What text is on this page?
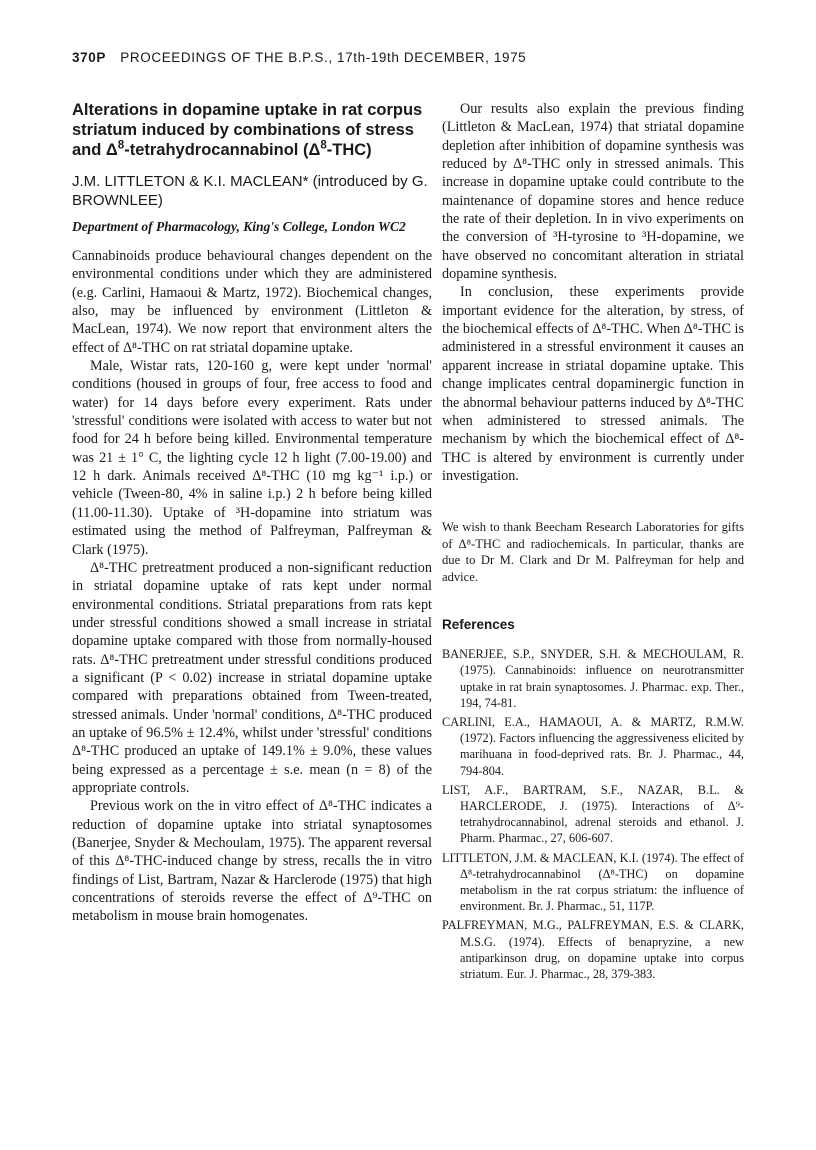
370P PROCEEDINGS OF THE B.P.S., 17th-19th DECEMBER, 1975
Alterations in dopamine uptake in rat corpus striatum induced by combinations of stress and $\Delta^8$-tetrahydrocannabinol $(\Delta^8-THC)$

J.M. LITTLETON & K.I. MACLEAN* (introduced by G. BROWNLEE)

Department of Pharmacology, King's College, London WC2

Cannabinoids produce behavioural changes dependent on the environmental conditions under which they are administered (e.g. Carlini, Hamaoui & Martz, 1972). Biochemical changes, also, may be influenced by environment (Littleton & MacLean, 1974). We now report that environment alters the effect of Δ⁸-THC on rat striatal dopamine uptake.

Male, Wistar rats, 120-160 g, were kept under 'normal' conditions (housed in groups of four, free access to food and water) for 14 days before every experiment. Rats under 'stressful' conditions were isolated with access to water but not food for 24 h before being killed. Environmental temperature was 21 ± 1° C, the lighting cycle 12 h light (7.00-19.00) and 12 h dark. Animals received Δ⁸-THC (10 mg kg⁻¹ i.p.) or vehicle (Tween-80, 4% in saline i.p.) 2 h before being killed (11.00-11.30). Uptake of ³H-dopamine into striatum was estimated using the method of Palfreyman, Palfreyman & Clark (1975).

Δ⁸-THC pretreatment produced a non-significant reduction in striatal dopamine uptake of rats kept under normal environmental conditions. Striatal preparations from rats kept under stressful conditions showed a small increase in striatal dopamine uptake compared with those from normally-housed rats. Δ⁸-THC pretreatment under stressful conditions produced a significant (P < 0.02) increase in striatal dopamine uptake compared with preparations obtained from Tween-treated, stressed animals. Under 'normal' conditions, Δ⁸-THC produced an uptake of 96.5% ± 12.4%, whilst under 'stressful' conditions Δ⁸-THC produced an uptake of 149.1% ± 9.0%, these values being expressed as a percentage ± s.e. mean (n = 8) of the appropriate controls.

Previous work on the in vitro effect of Δ⁸-THC indicates a reduction of dopamine uptake into striatal synaptosomes (Banerjee, Snyder & Mechoulam, 1975). The apparent reversal of this Δ⁸-THC-induced change by stress, recalls the in vitro findings of List, Bartram, Nazar & Harclerode (1975) that high concentrations of steroids reverse the effect of Δ⁹-THC on metabolism in mouse brain homogenates.

Our results also explain the previous finding (Littleton & MacLean, 1974) that striatal dopamine depletion after inhibition of dopamine synthesis was reduced by Δ⁸-THC only in stressed animals. This increase in dopamine uptake could contribute to the maintenance of dopamine stores and hence reduce the rate of their depletion. In in vivo experiments on the conversion of ³H-tyrosine to ³H-dopamine, we have observed no concomitant alteration in striatal dopamine synthesis.

In conclusion, these experiments provide important evidence for the alteration, by stress, of the biochemical effects of Δ⁸-THC. When Δ⁸-THC is administered in a stressful environment it causes an apparent increase in striatal dopamine uptake. This change implicates central dopaminergic function in the abnormal behaviour patterns induced by Δ⁸-THC when administered to stressed animals. The mechanism by which the biochemical effect of Δ⁸-THC is altered by environment is currently under investigation.

We wish to thank Beecham Research Laboratories for gifts of Δ⁸-THC and radiochemicals. In particular, thanks are due to Dr M. Clark and Dr M. Palfreyman for help and advice.

References

BANERJEE, S.P., SNYDER, S.H. & MECHOULAM, R. (1975). Cannabinoids: influence on neurotransmitter uptake in rat brain synaptosomes. J. Pharmac. exp. Ther., 194, 74-81.

CARLINI, E.A., HAMAOUI, A. & MARTZ, R.M.W. (1972). Factors influencing the aggressiveness elicited by marihuana in food-deprived rats. Br. J. Pharmac., 44, 794-804.

LIST, A.F., BARTRAM, S.F., NAZAR, B.L. & HARCLERODE, J. (1975). Interactions of Δ⁹-tetrahydrocannabinol, adrenal steroids and ethanol. J. Pharm. Pharmac., 27, 606-607.

LITTLETON, J.M. & MACLEAN, K.I. (1974). The effect of Δ⁸-tetrahydrocannabinol (Δ⁸-THC) on dopamine metabolism in the rat corpus striatum: the influence of environment. Br. J. Pharmac., 51, 117P.

PALFREYMAN, M.G., PALFREYMAN, E.S. & CLARK, M.S.G. (1974). Effects of benapryzine, a new antiparkinson drug, on dopamine uptake into corpus striatum. Eur. J. Pharmac., 28, 379-383.
